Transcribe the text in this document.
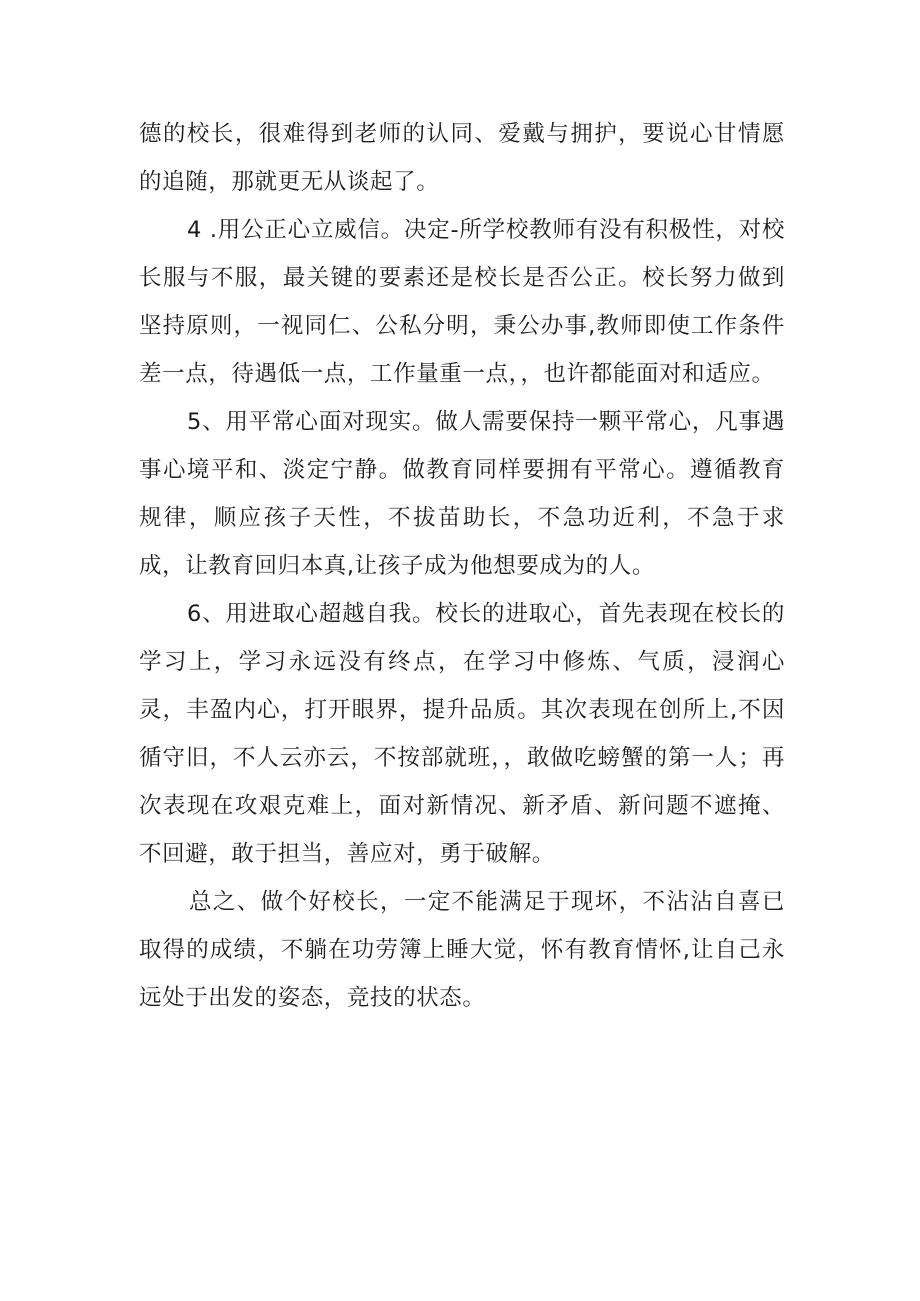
德的校长，很难得到老师的认同、爱戴与拥护，要说心甘情愿的追随，那就更无从谈起了。

4 .用公正心立威信。决定-所学校教师有没有积极性，对校长服与不服，最关键的要素还是校长是否公正。校长努力做到坚持原则，一视同仁、公私分明，秉公办事,教师即使工作条件差一点，待遇低一点，工作量重一点，，也许都能面对和适应。

5、用平常心面对现实。做人需要保持一颗平常心，凡事遇事心境平和、淡定宁静。做教育同样要拥有平常心。遵循教育规律，顺应孩子天性，不拔苗助长，不急功近利，不急于求成，让教育回归本真,让孩子成为他想要成为的人。

6、用进取心超越自我。校长的进取心，首先表现在校长的学习上，学习永远没有终点，在学习中修炼、气质，浸润心灵，丰盈内心，打开眼界，提升品质。其次表现在创所上,不因循守旧，不人云亦云，不按部就班，，敢做吃螃蟹的第一人；再次表现在攻艰克难上，面对新情况、新矛盾、新问题不遮掩、不回避，敢于担当，善应对，勇于破解。

总之、做个好校长，一定不能满足于现坏，不沾沾自喜已取得的成绩，不躺在功劳簿上睡大觉，怀有教育情怀,让自己永远处于出发的姿态，竞技的状态。
